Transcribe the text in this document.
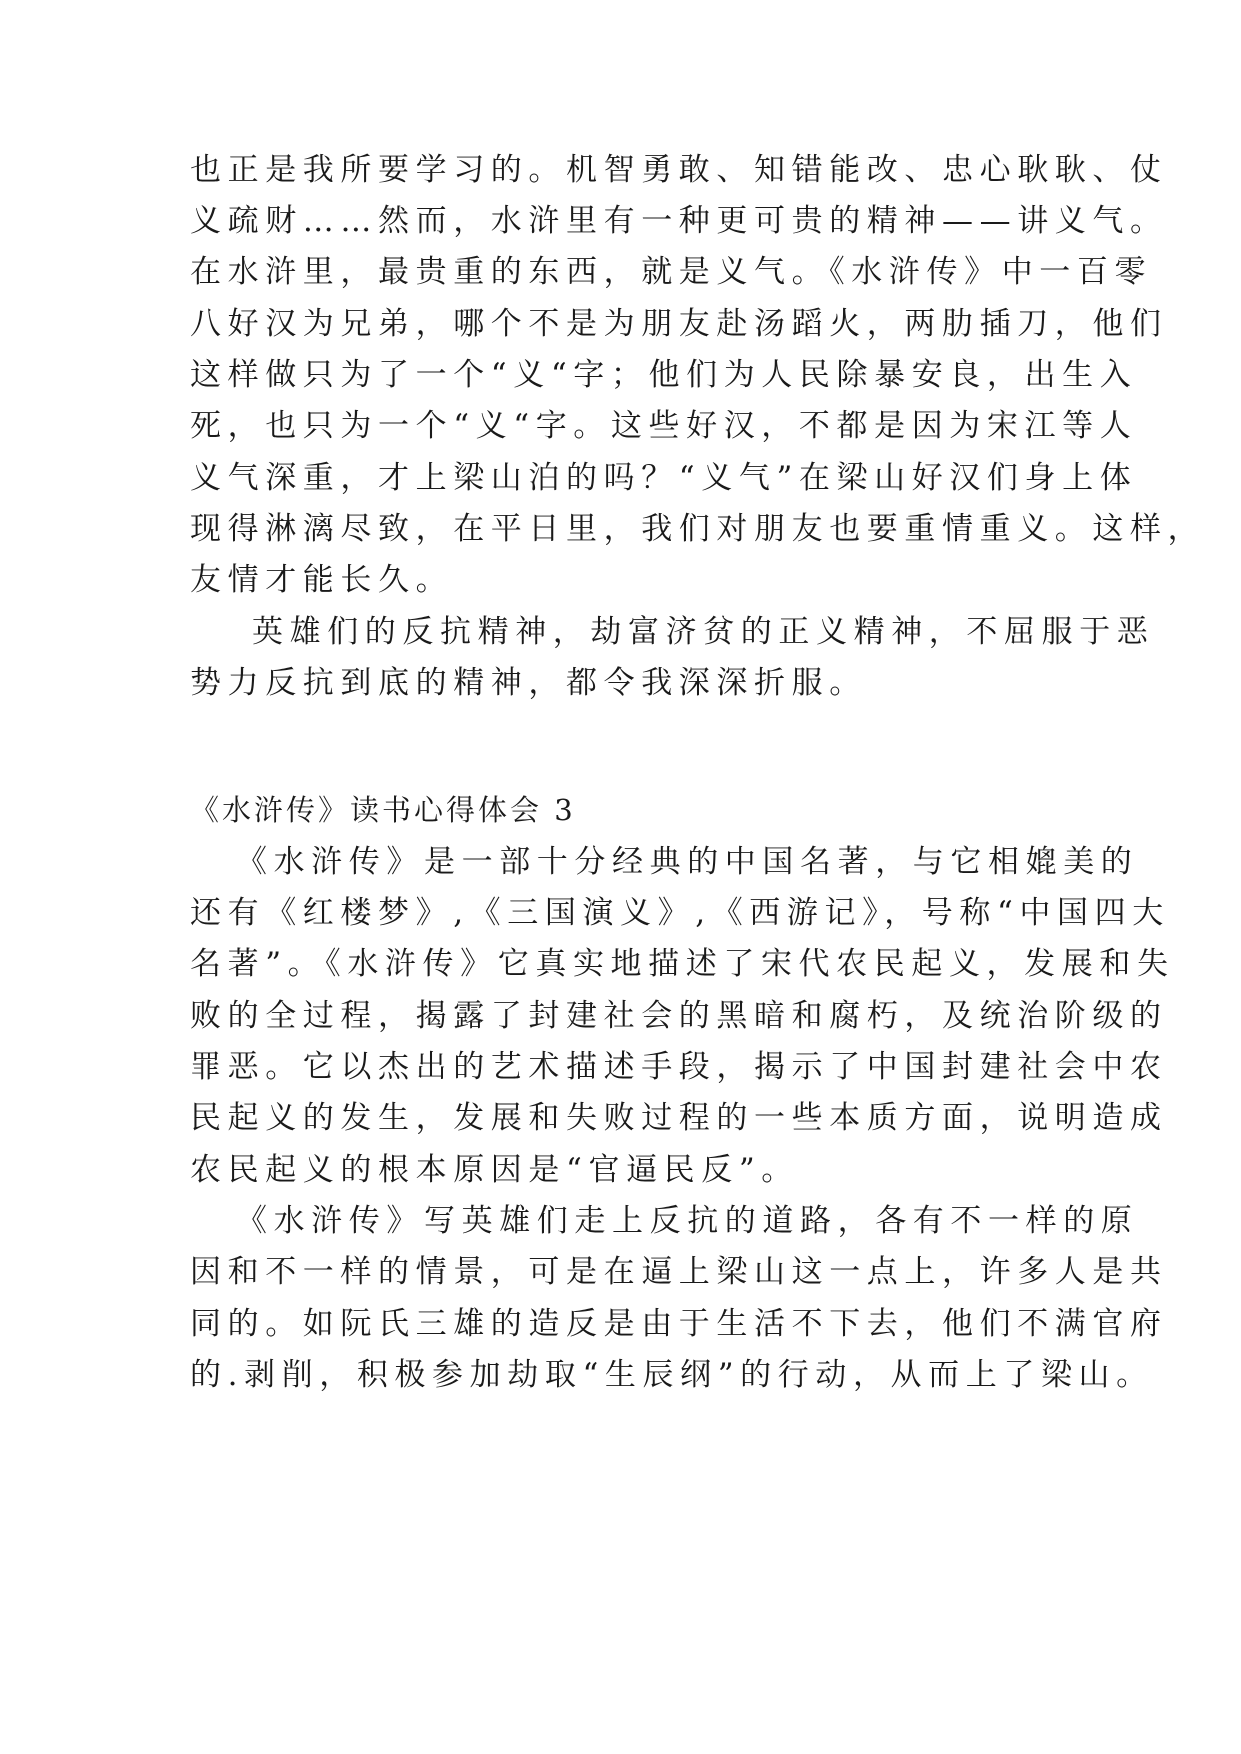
也正是我所要学习的。机智勇敢、知错能改、忠心耿耿、仗
义疏财……然而，水浒里有一种更可贵的精神——讲义气。
在水浒里，最贵重的东西，就是义气。《水浒传》中一百零
八好汉为兄弟，哪个不是为朋友赴汤蹈火，两肋插刀，他们
这样做只为了一个“义“字；他们为人民除暴安良，出生入
死，也只为一个“义“字。这些好汉，不都是因为宋江等人
义气深重，才上梁山泊的吗？“义气”在梁山好汉们身上体
现得淋漓尽致，在平日里，我们对朋友也要重情重义。这样，
友情才能长久。
英雄们的反抗精神，劫富济贫的正义精神，不屈服于恶
势力反抗到底的精神，都令我深深折服。
《水浒传》读书心得体会 3
《水浒传》是一部十分经典的中国名著，与它相媲美的
还有《红楼梦》,《三国演义》,《西游记》，号称“中国四大
名著”。《水浒传》它真实地描述了宋代农民起义，发展和失
败的全过程，揭露了封建社会的黑暗和腐朽，及统治阶级的
罪恶。它以杰出的艺术描述手段，揭示了中国封建社会中农
民起义的发生，发展和失败过程的一些本质方面，说明造成
农民起义的根本原因是“官逼民反”。
《水浒传》写英雄们走上反抗的道路，各有不一样的原
因和不一样的情景，可是在逼上梁山这一点上，许多人是共
同的。如阮氏三雄的造反是由于生活不下去，他们不满官府
的.剥削，积极参加劫取“生辰纲”的行动，从而上了梁山。
